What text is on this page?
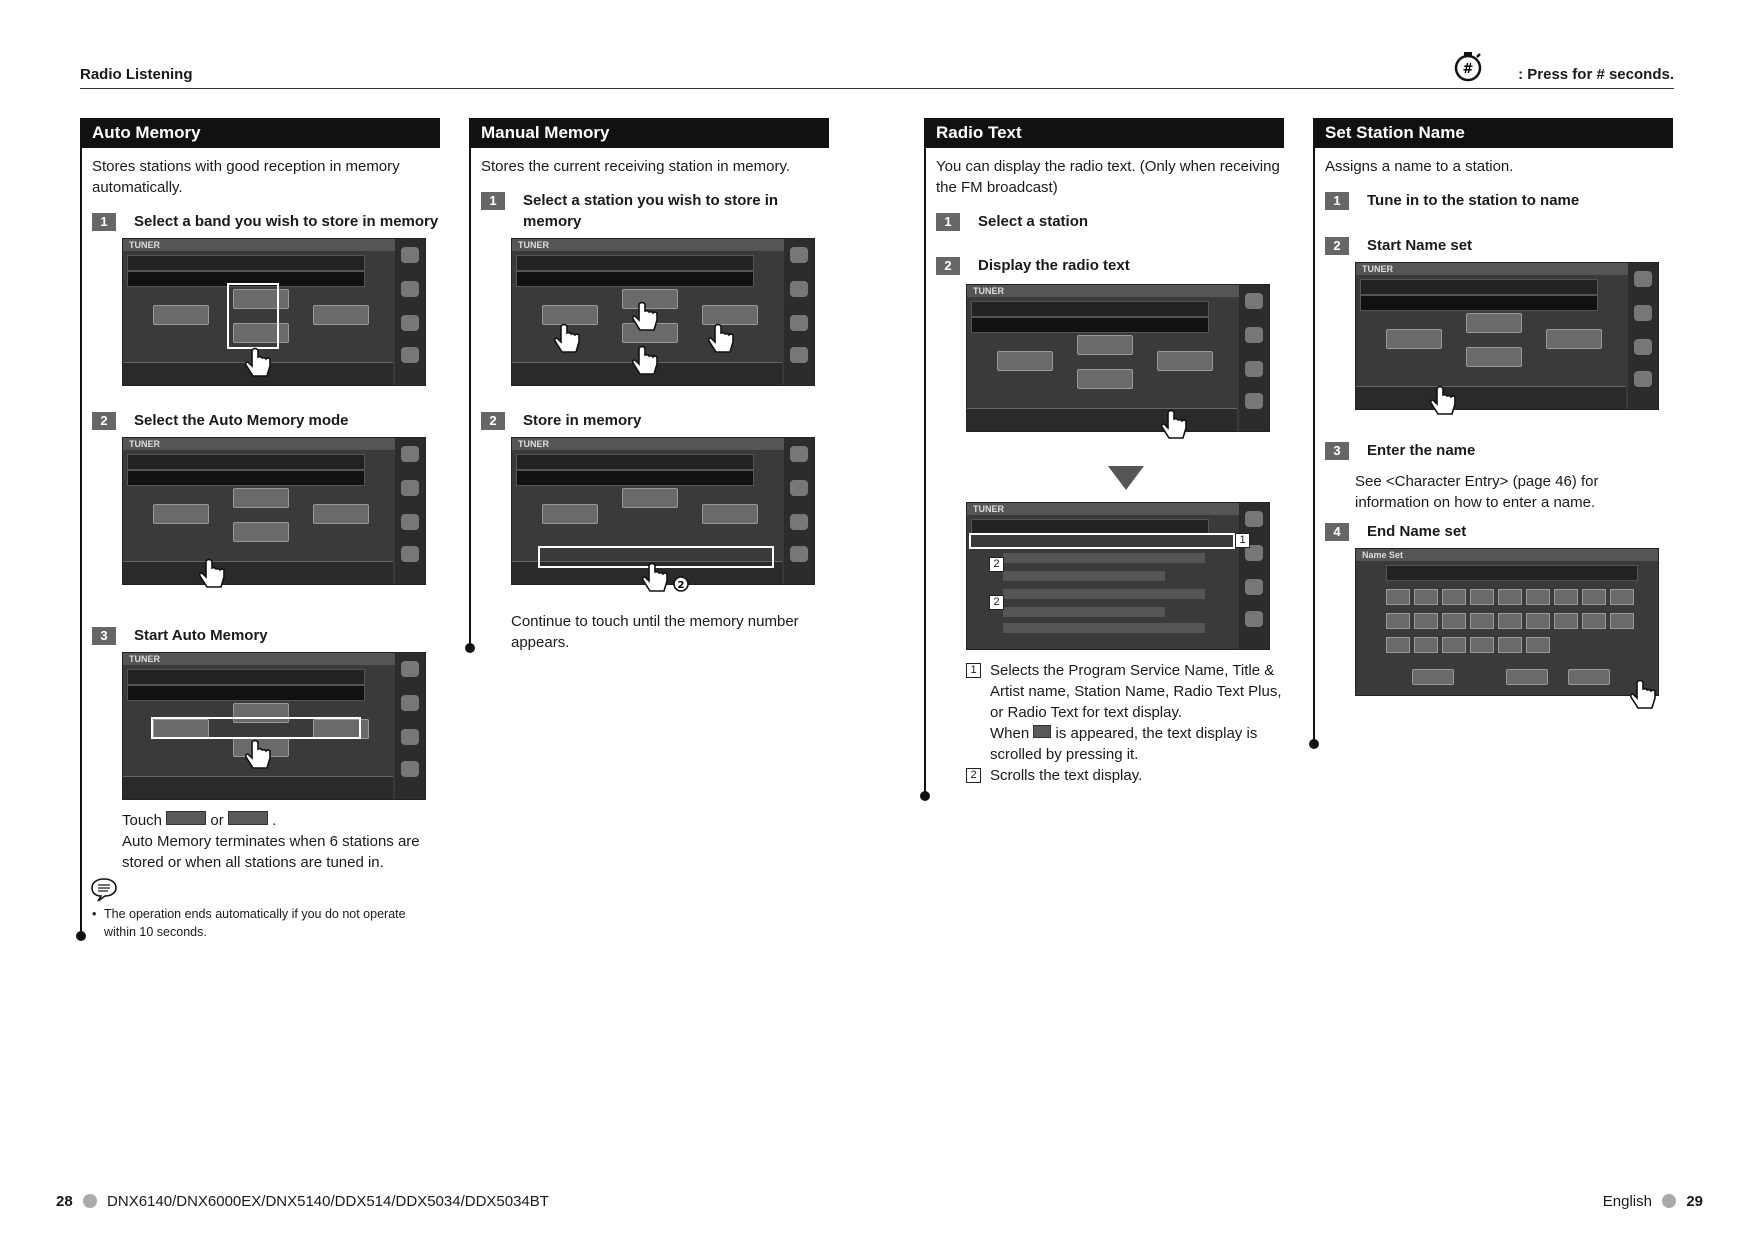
Radio Listening	#	: Press for # seconds.
Auto Memory
Stores stations with good reception in memory automatically.
1	Select a band you wish to store in memory
TUNER
2	Select the Auto Memory mode
TUNER
3	Start Auto Memory
TUNER
Touch	or	.
Auto Memory terminates when 6 stations are stored or when all stations are tuned in.
• The operation ends automatically if you do not operate within 10 seconds.
Manual Memory
Stores the current receiving station in memory.
1	Select a station you wish to store in memory
TUNER
2	Store in memory
TUNER
2
Continue to touch until the memory number appears.
Radio Text
You can display the radio text. (Only when receiving the FM broadcast)
1	Select a station
2	Display the radio text
TUNER
TUNER
1
2
2
1 Selects the Program Service Name, Title & Artist name, Station Name, Radio Text Plus, or Radio Text for text display.
When is appeared, the text display is scrolled by pressing it.
2 Scrolls the text display.
Set Station Name
Assigns a name to a station.
1	Tune in to the station to name
2	Start Name set
TUNER
3	Enter the name
See <Character Entry> (page 46) for information on how to enter a name.
4	End Name set
Name Set
28 DNX6140/DNX6000EX/DNX5140/DDX514/DDX5034/DDX5034BT	English 29
